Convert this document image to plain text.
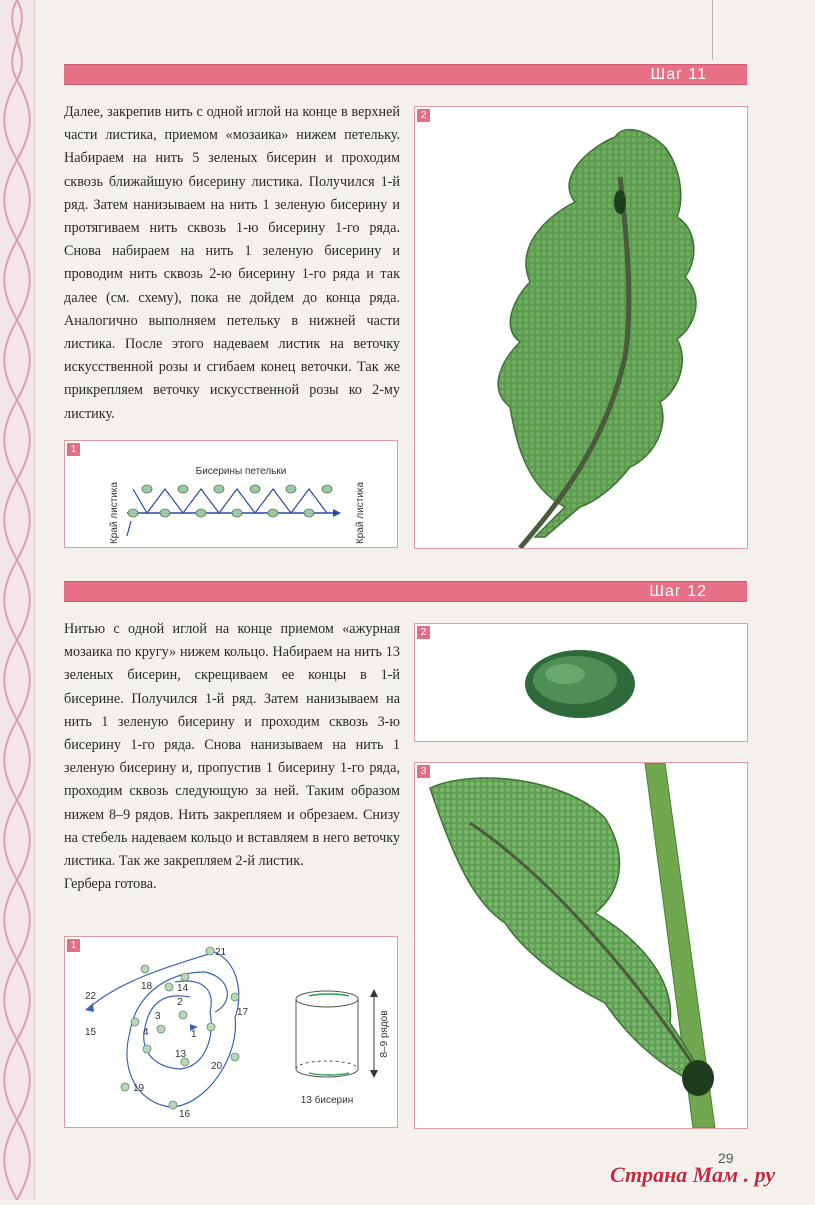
Шаг 11

Далее, закрепив нить с одной иглой на конце в верхней части листика, приемом «мозаика» нижем петельку. Набираем на нить 5 зеленых бисерин и проходим сквозь ближайшую бисерину листика. Получился 1-й ряд. Затем нанизываем на нить 1 зеленую бисерину и протягиваем нить сквозь 1-ю бисерину 1-го ряда. Снова набираем на нить 1 зеленую бисерину и проводим нить сквозь 2-ю бисерину 1-го ряда и так далее (см. схему), пока не дойдем до конца ряда. Аналогично выполняем петельку в нижней части листика. После этого надеваем листик на веточку искусственной розы и сгибаем конец веточки. Так же прикрепляем веточку искусственной розы ко 2-му листику.

1
Бисерины петельки
Край листика	Край листика
2
Шаг 12

Нитью с одной иглой на конце приемом «ажурная мозаика по кругу» нижем кольцо. Набираем на нить 13 зеленых бисерин, скрещиваем ее концы в 1-й бисерине. Получился 1-й ряд. Затем нанизываем на нить 1 зеленую бисерину и проходим сквозь 3-ю бисерину 1-го ряда. Снова нанизываем на нить 1 зеленую бисерину и, пропустив 1 бисерину 1-го ряда, проходим сквозь следующую за ней. Таким образом нижем 8–9 рядов. Нить закрепляем и обрезаем. Снизу на стебель надеваем кольцо и вставляем в него веточку листика. Так же закрепляем 2-й листик.

Гербера готова.

1
21
22
18 14
15
3
4
2
1
17
13
20
19
16
8–9 рядов
13 бисерин
2
3
29
Страна Мам . ру
